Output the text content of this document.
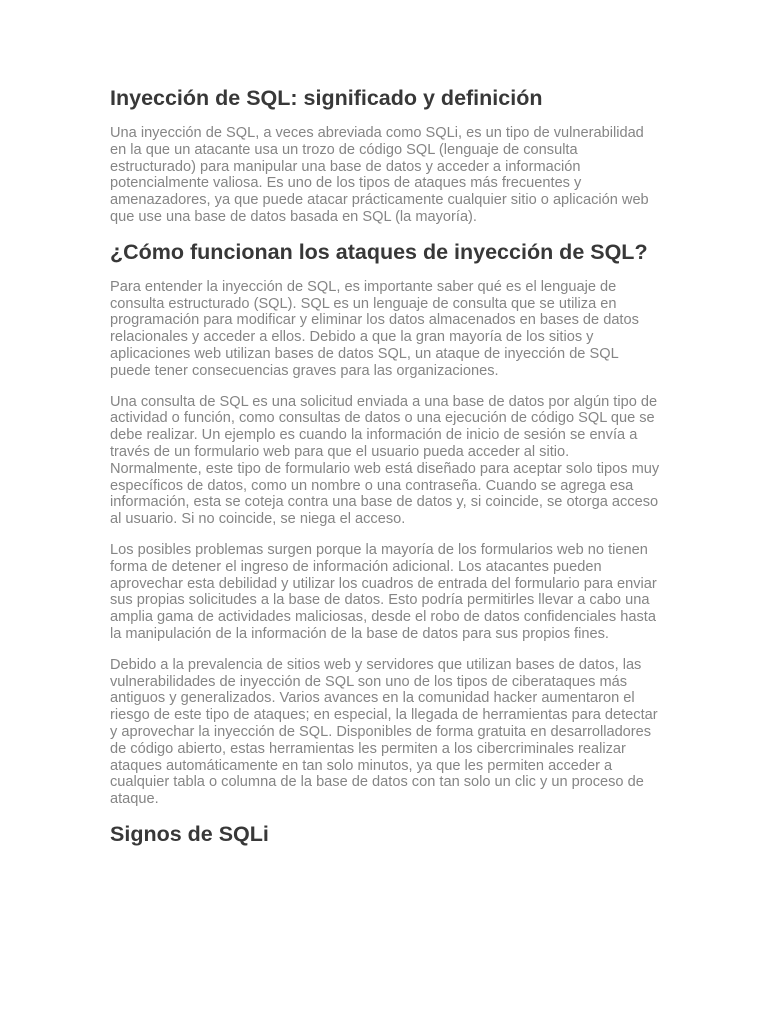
Inyección de SQL: significado y definición

Una inyección de SQL, a veces abreviada como SQLi, es un tipo de vulnerabilidad en la que un atacante usa un trozo de código SQL (lenguaje de consulta estructurado) para manipular una base de datos y acceder a información potencialmente valiosa. Es uno de los tipos de ataques más frecuentes y amenazadores, ya que puede atacar prácticamente cualquier sitio o aplicación web que use una base de datos basada en SQL (la mayoría).

¿Cómo funcionan los ataques de inyección de SQL?

Para entender la inyección de SQL, es importante saber qué es el lenguaje de consulta estructurado (SQL). SQL es un lenguaje de consulta que se utiliza en programación para modificar y eliminar los datos almacenados en bases de datos relacionales y acceder a ellos. Debido a que la gran mayoría de los sitios y aplicaciones web utilizan bases de datos SQL, un ataque de inyección de SQL puede tener consecuencias graves para las organizaciones.

Una consulta de SQL es una solicitud enviada a una base de datos por algún tipo de actividad o función, como consultas de datos o una ejecución de código SQL que se debe realizar. Un ejemplo es cuando la información de inicio de sesión se envía a través de un formulario web para que el usuario pueda acceder al sitio. Normalmente, este tipo de formulario web está diseñado para aceptar solo tipos muy específicos de datos, como un nombre o una contraseña. Cuando se agrega esa información, esta se coteja contra una base de datos y, si coincide, se otorga acceso al usuario. Si no coincide, se niega el acceso.

Los posibles problemas surgen porque la mayoría de los formularios web no tienen forma de detener el ingreso de información adicional. Los atacantes pueden aprovechar esta debilidad y utilizar los cuadros de entrada del formulario para enviar sus propias solicitudes a la base de datos. Esto podría permitirles llevar a cabo una amplia gama de actividades maliciosas, desde el robo de datos confidenciales hasta la manipulación de la información de la base de datos para sus propios fines.

Debido a la prevalencia de sitios web y servidores que utilizan bases de datos, las vulnerabilidades de inyección de SQL son uno de los tipos de ciberataques más antiguos y generalizados. Varios avances en la comunidad hacker aumentaron el riesgo de este tipo de ataques; en especial, la llegada de herramientas para detectar y aprovechar la inyección de SQL. Disponibles de forma gratuita en desarrolladores de código abierto, estas herramientas les permiten a los cibercriminales realizar ataques automáticamente en tan solo minutos, ya que les permiten acceder a cualquier tabla o columna de la base de datos con tan solo un clic y un proceso de ataque.

Signos de SQLi
